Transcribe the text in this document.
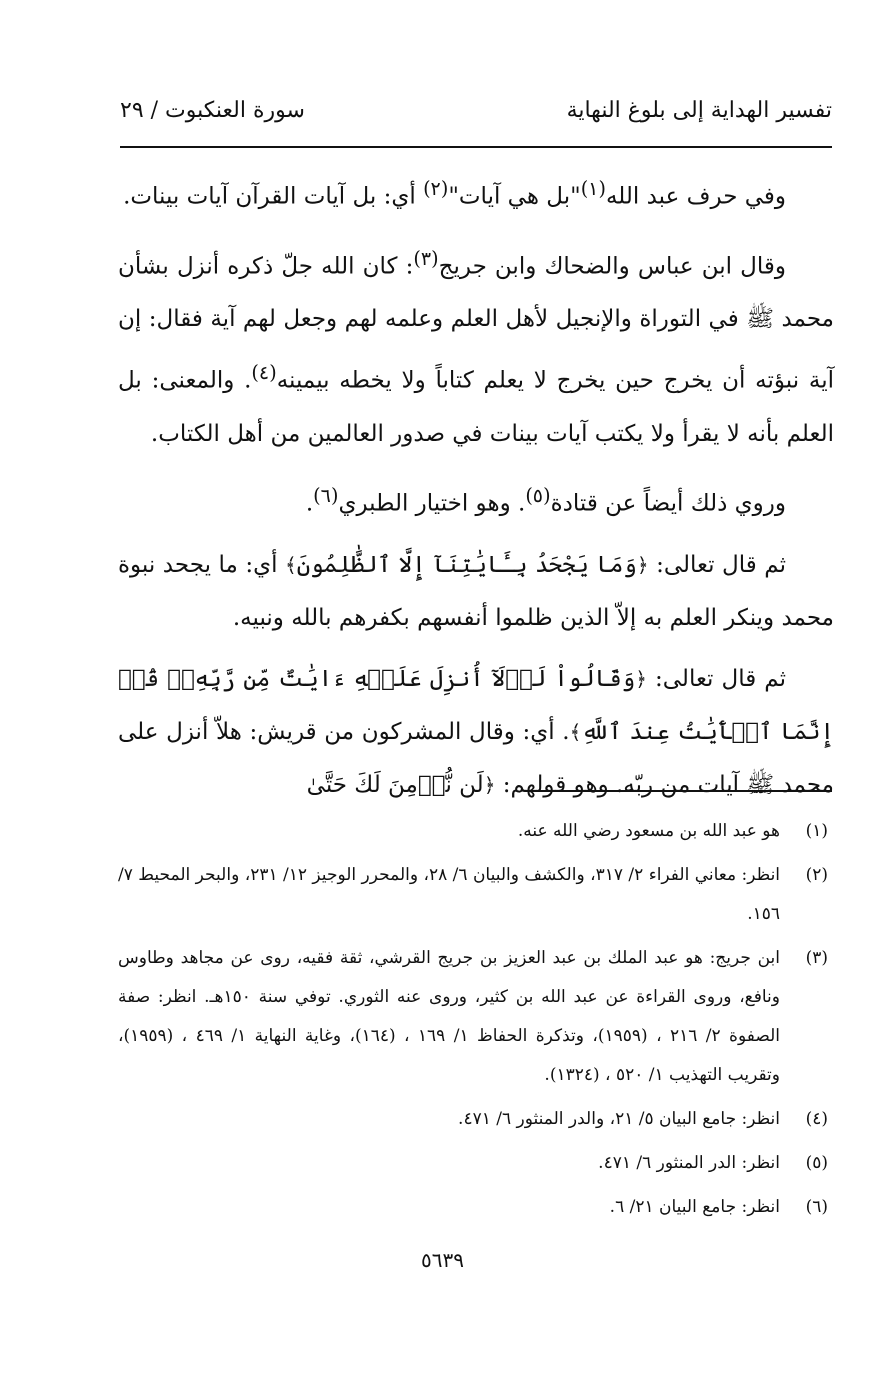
تفسير الهداية إلى بلوغ النهاية
سورة العنكبوت / ٢٩

وفي حرف عبد الله$^{(١)}$"بل هي آيات"$^{(٢)}$ أي: بل آيات القرآن آيات بينات.

وقال ابن عباس والضحاك وابن جريج$^{(٣)}$: كان الله جلّ ذكره أنزل بشأن محمد ﷺ في التوراة والإنجيل لأهل العلم وعلمه لهم وجعل لهم آية فقال: إن آية نبؤته أن يخرج حين يخرج لا يعلم كتاباً ولا يخطه بيمينه$^{(٤)}$. والمعنى: بل العلم بأنه لا يقرأ ولا يكتب آيات بينات في صدور العالمين من أهل الكتاب.

وروي ذلك أيضاً عن قتادة$^{(٥)}$. وهو اختيار الطبري$^{(٦)}$.

ثم قال تعالى: ﴿وَمَا يَجْحَدُ بِـَٔايَٰتِنَآ إِلَّا ٱلظَّٰلِمُونَ﴾ أي: ما يجحد نبوة محمد وينكر العلم به إلاّ الذين ظلموا أنفسهم بكفرهم بالله ونبيه.

ثم قال تعالى: ﴿وَقَالُواْ لَوۡلَآ أُنزِلَ عَلَيۡهِ ءَايَٰتٌ مِّن رَّبِّهِۦۖ قُلۡ إِنَّمَا ٱلۡأٓيَٰتُ عِندَ ٱللَّهِ﴾. أي: وقال المشركون من قريش: هلاّ أنزل على محمد ﷺ آيات من ربّه. وهو قولهم: ﴿لَن نُّؤۡمِنَ لَكَ حَتَّىٰ

(١)
هو عبد الله بن مسعود رضي الله عنه.
(٢)
انظر: معاني الفراء ٢/ ٣١٧، والكشف والبيان ٦/ ٢٨، والمحرر الوجيز ١٢/ ٢٣١، والبحر المحيط ٧/ ١٥٦.
(٣)
ابن جريج: هو عبد الملك بن عبد العزيز بن جريج القرشي، ثقة فقيه، روى عن مجاهد وطاوس ونافع، وروى القراءة عن عبد الله بن كثير، وروى عنه الثوري. توفي سنة ١٥٠هـ. انظر: صفة الصفوة ٢/ ٢١٦ ، (١٩٥٩)، وتذكرة الحفاظ ١/ ١٦٩ ، (١٦٤)، وغاية النهاية ١/ ٤٦٩ ، (١٩٥٩)، وتقريب التهذيب ١/ ٥٢٠ ، (١٣٢٤).
(٤)
انظر: جامع البيان ٥/ ٢١، والدر المنثور ٦/ ٤٧١.
(٥)
انظر: الدر المنثور ٦/ ٤٧١.
(٦)
انظر: جامع البيان ٢١/ ٦.
٥٦٣٩
